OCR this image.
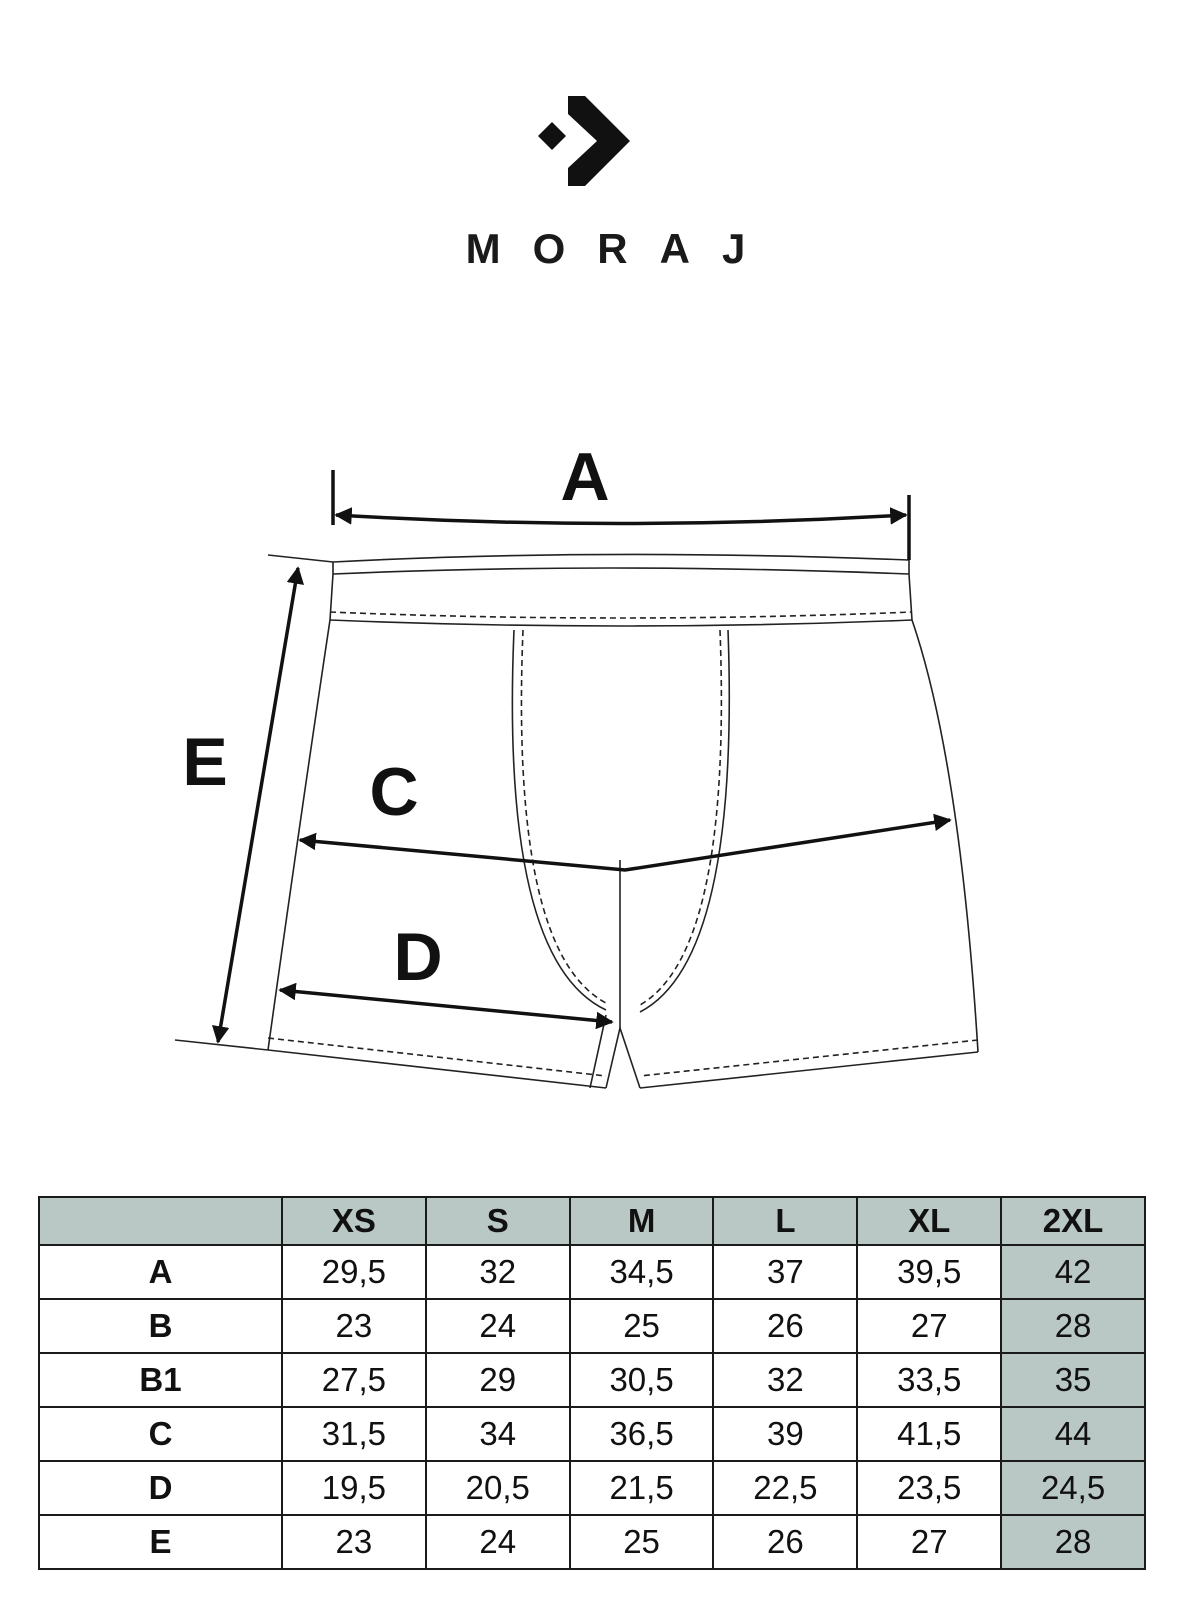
MORAJ
A
E C
D
	XS	S	M	L	XL	2XL
A	29,5	32	34,5	37	39,5	42
B	23	24	25	26	27	28
B1	27,5	29	30,5	32	33,5	35
C	31,5	34	36,5	39	41,5	44
D	19,5	20,5	21,5	22,5	23,5	24,5
E	23	24	25	26	27	28
